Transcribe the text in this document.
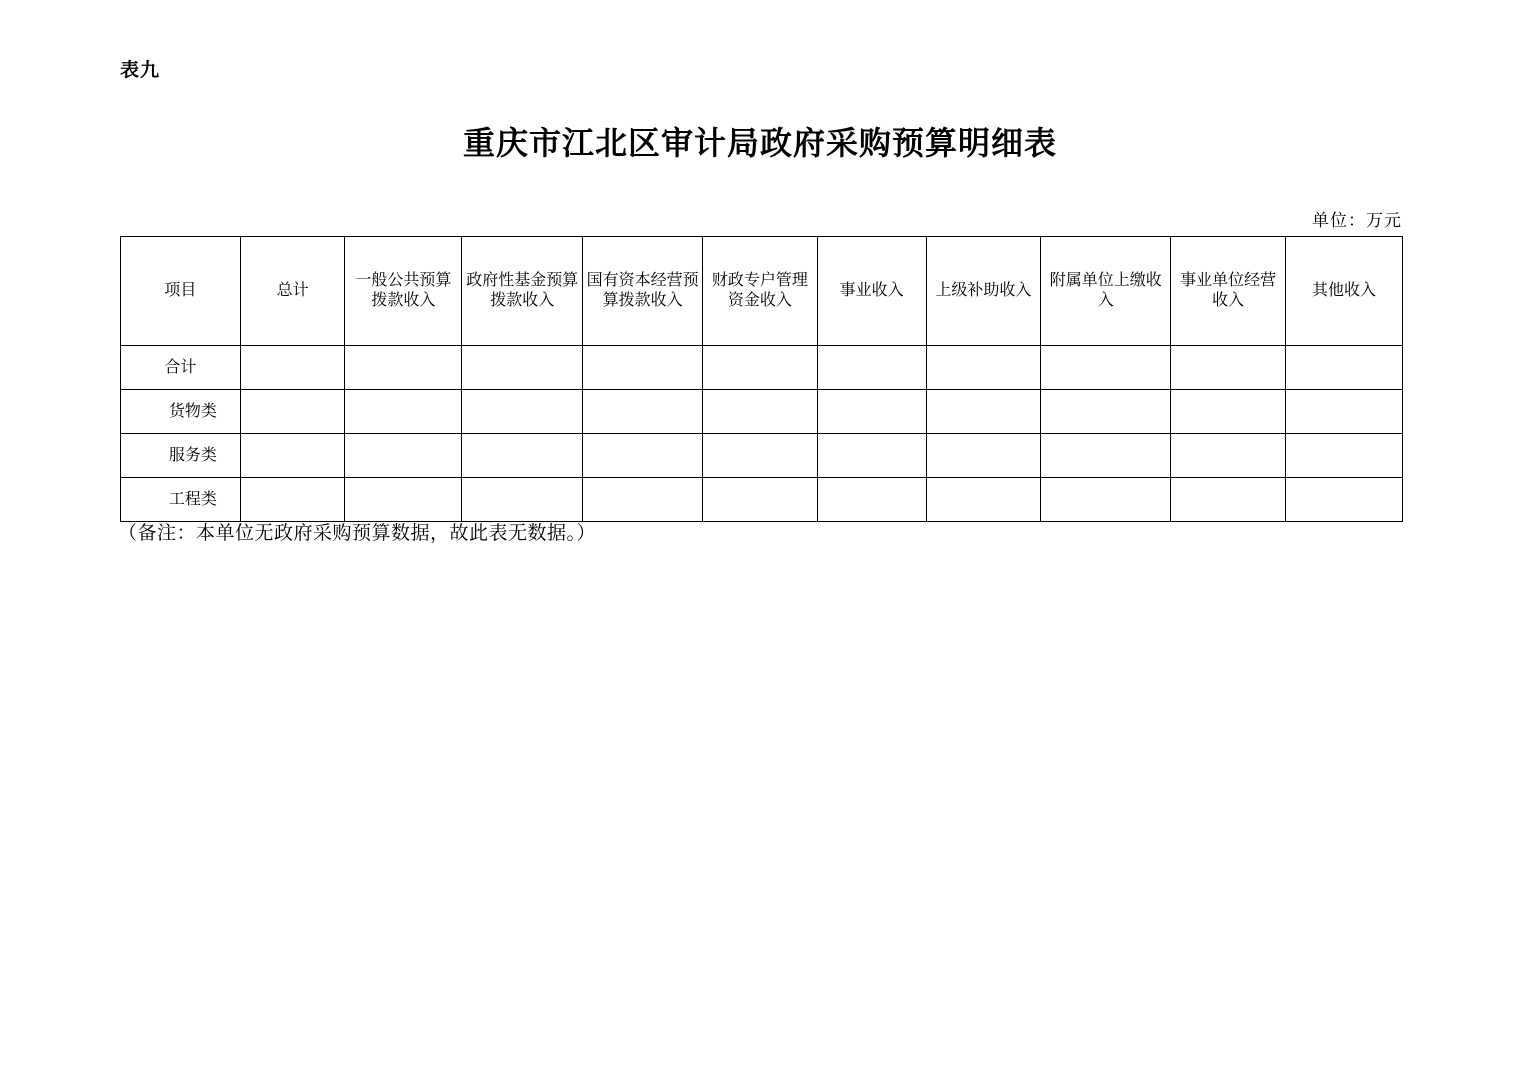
表九
重庆市江北区审计局政府采购预算明细表
单位：万元
项目	总计	一般公共预算拨款收入	政府性基金预算拨款收入	国有资本经营预算拨款收入	财政专户管理资金收入	事业收入	上级补助收入	附属单位上缴收入	事业单位经营收入	其他收入
合计										
货物类										
服务类										
工程类										
（备注：本单位无政府采购预算数据，故此表无数据。）
